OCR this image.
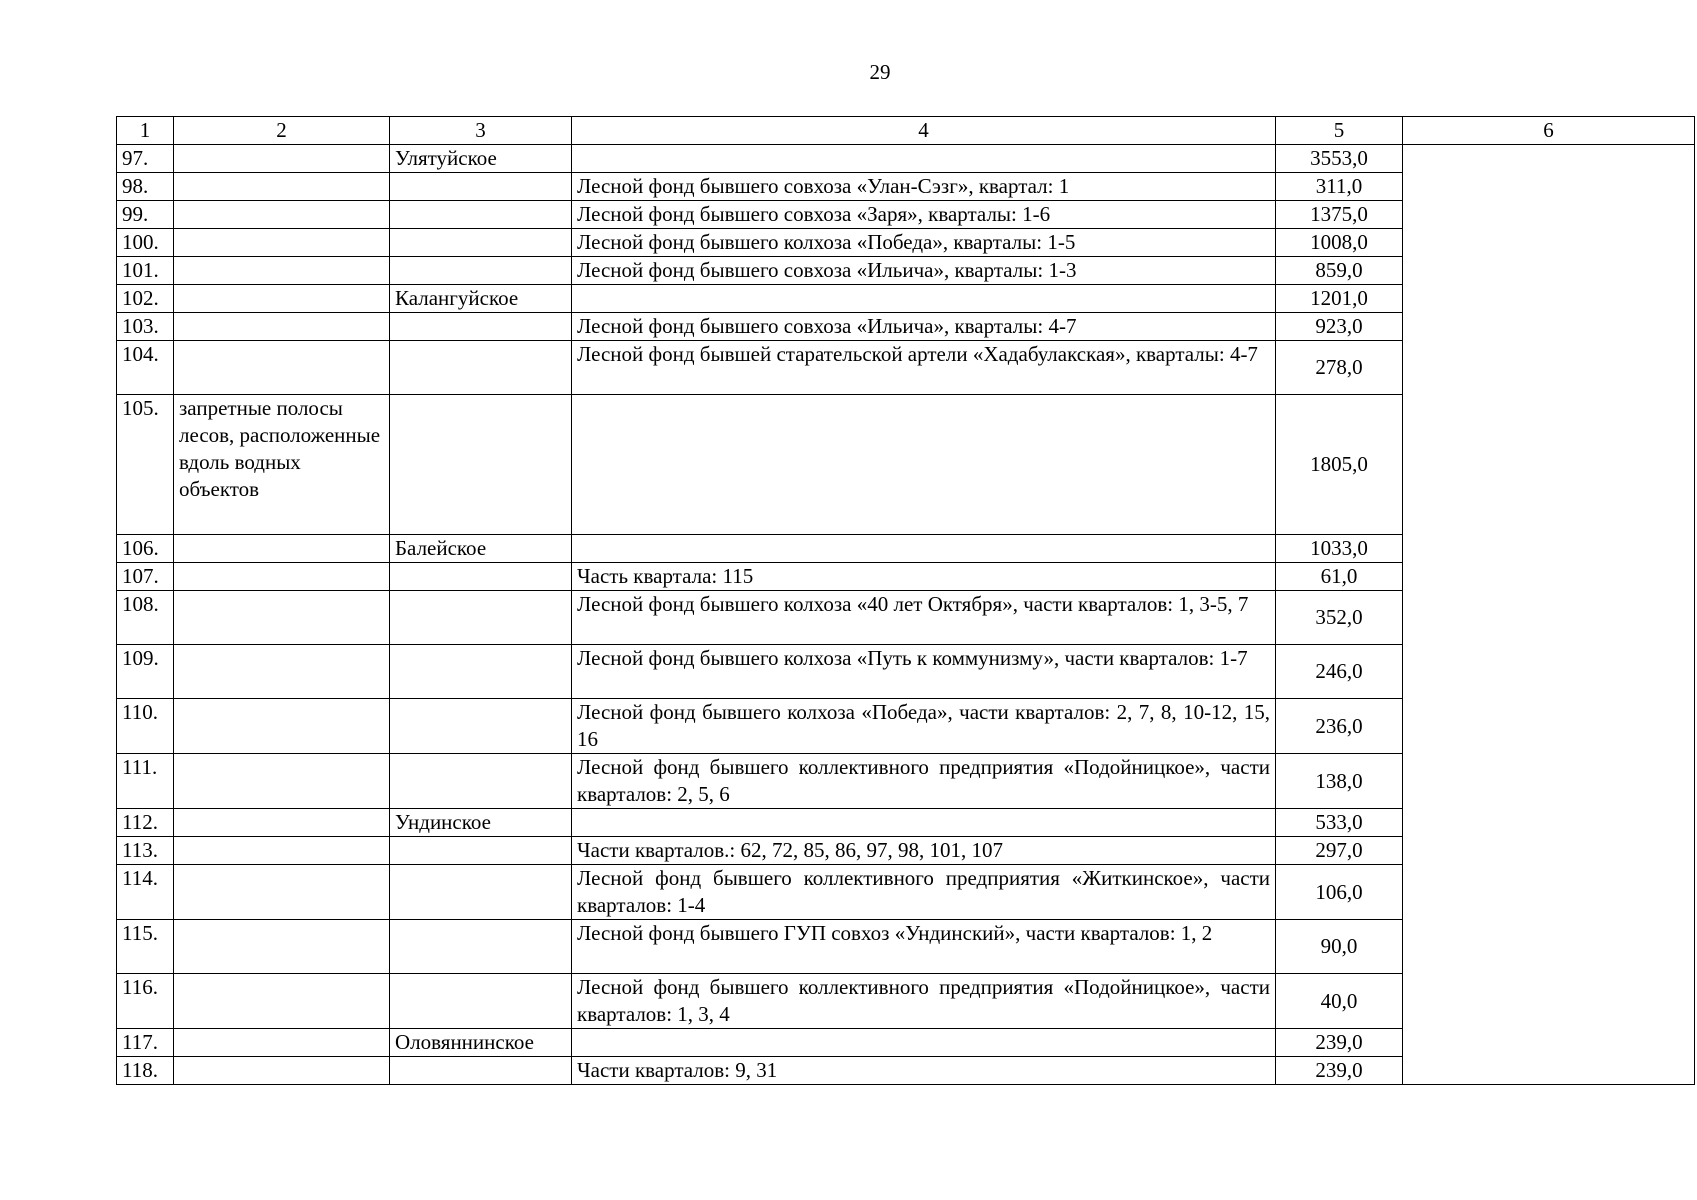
29
1	2	3	4	5	6
97.		Улятуйское		3553,0	
98.			Лесной фонд бывшего совхоза «Улан-Сэзг», квартал: 1	311,0	
99.			Лесной фонд бывшего совхоза «Заря», кварталы: 1-6	1375,0	
100.			Лесной фонд бывшего колхоза «Победа», кварталы: 1-5	1008,0	
101.			Лесной фонд бывшего совхоза «Ильича», кварталы: 1-3	859,0	
102.		Калангуйское		1201,0	
103.			Лесной фонд бывшего совхоза «Ильича», кварталы: 4-7	923,0	
104.			Лесной фонд бывшей старательской артели «Хадабулакская», кварталы: 4-7	278,0	
105.	запретные полосы лесов, расположенные вдоль водных объектов			1805,0	
106.		Балейское		1033,0	
107.			Часть квартала: 115	61,0	
108.			Лесной фонд бывшего колхоза «40 лет Октября», части кварталов: 1, 3-5, 7	352,0	
109.			Лесной фонд бывшего колхоза «Путь к коммунизму», части кварталов: 1-7	246,0	
110.			Лесной фонд бывшего колхоза «Победа», части кварталов: 2, 7, 8, 10-12, 15, 16	236,0	
111.			Лесной фонд бывшего коллективного предприятия «Подойницкое», части кварталов: 2, 5, 6	138,0	
112.		Ундинское		533,0	
113.			Части кварталов.: 62, 72, 85, 86, 97, 98, 101, 107	297,0	
114.			Лесной фонд бывшего коллективного предприятия «Житкинское», части кварталов: 1-4	106,0	
115.			Лесной фонд бывшего ГУП совхоз «Ундинский», части кварталов: 1, 2	90,0	
116.			Лесной фонд бывшего коллективного предприятия «Подойницкое», части кварталов: 1, 3, 4	40,0	
117.		Оловяннинское		239,0	
118.			Части кварталов: 9, 31	239,0	
